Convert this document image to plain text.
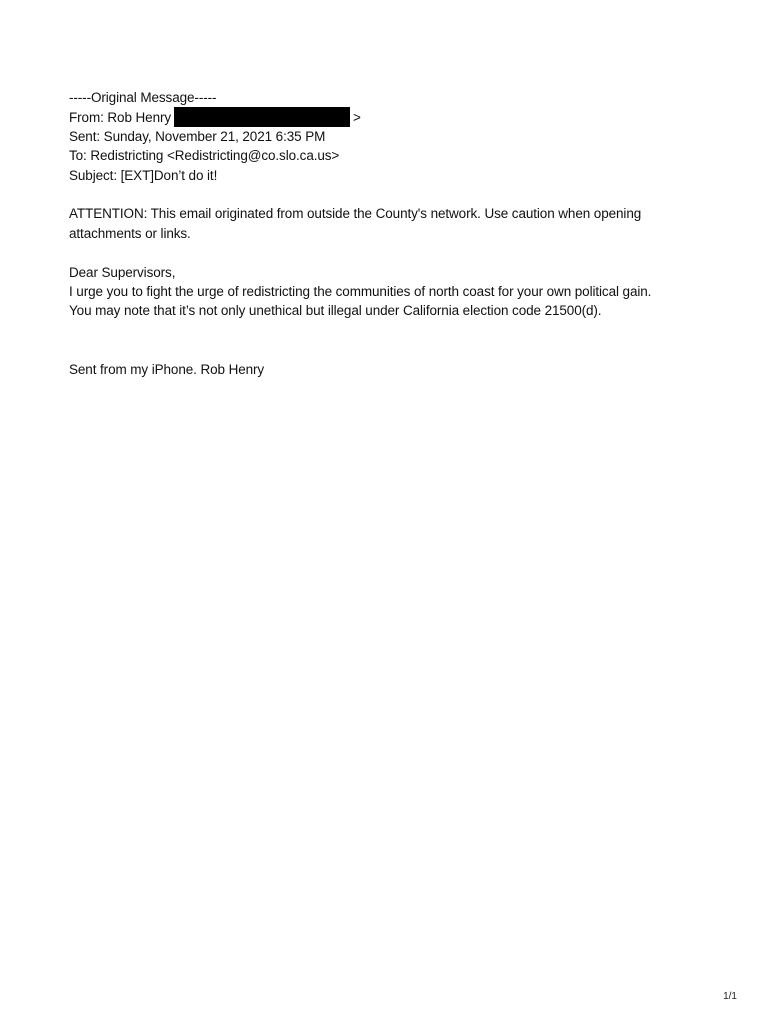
-----Original Message-----
From: Rob Henry	>
Sent: Sunday, November 21, 2021 6:35 PM
To: Redistricting <Redistricting@co.slo.ca.us>
Subject: [EXT]Don’t do it!
ATTENTION: This email originated from outside the County's network. Use caution when opening attachments or links.
Dear Supervisors,
I urge you to fight the urge of redistricting the communities of north coast for your own political gain.
You may note that it’s not only unethical but illegal under California election code 21500(d).
Sent from my iPhone. Rob Henry
1/1
